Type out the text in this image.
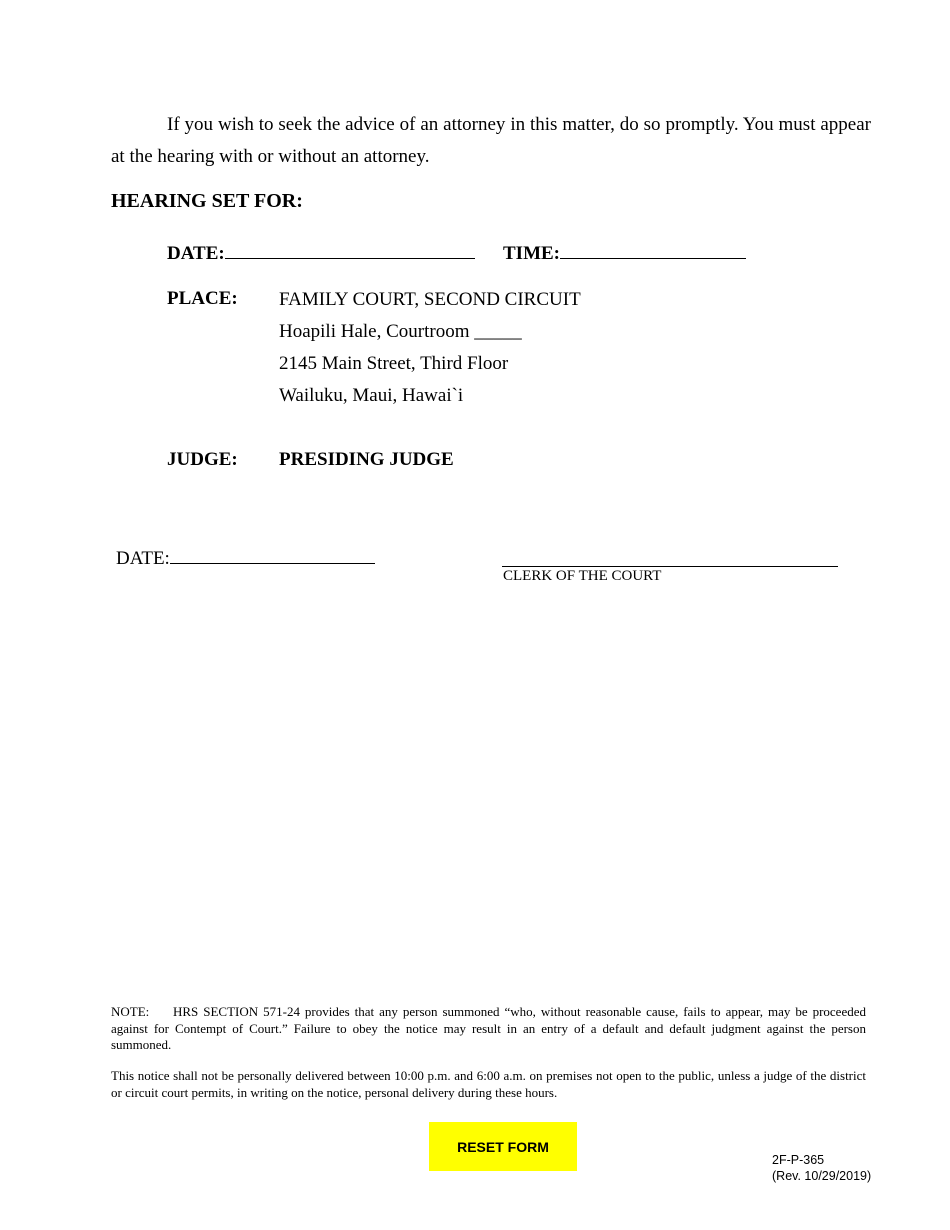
If you wish to seek the advice of an attorney in this matter, do so promptly. You must appear at the hearing with or without an attorney.
HEARING SET FOR:
DATE:	TIME:
PLACE: FAMILY COURT, SECOND CIRCUIT
Hoapili Hale, Courtroom _____
2145 Main Street, Third Floor
Wailuku, Maui, Hawai`i
JUDGE: PRESIDING JUDGE
DATE:
CLERK OF THE COURT
NOTE: HRS SECTION 571-24 provides that any person summoned “who, without reasonable cause, fails to appear, may be proceeded against for Contempt of Court.” Failure to obey the notice may result in an entry of a default and default judgment against the person summoned.
This notice shall not be personally delivered between 10:00 p.m. and 6:00 a.m. on premises not open to the public, unless a judge of the district or circuit court permits, in writing on the notice, personal delivery during these hours.
RESET FORM
2F-P-365
(Rev. 10/29/2019)
